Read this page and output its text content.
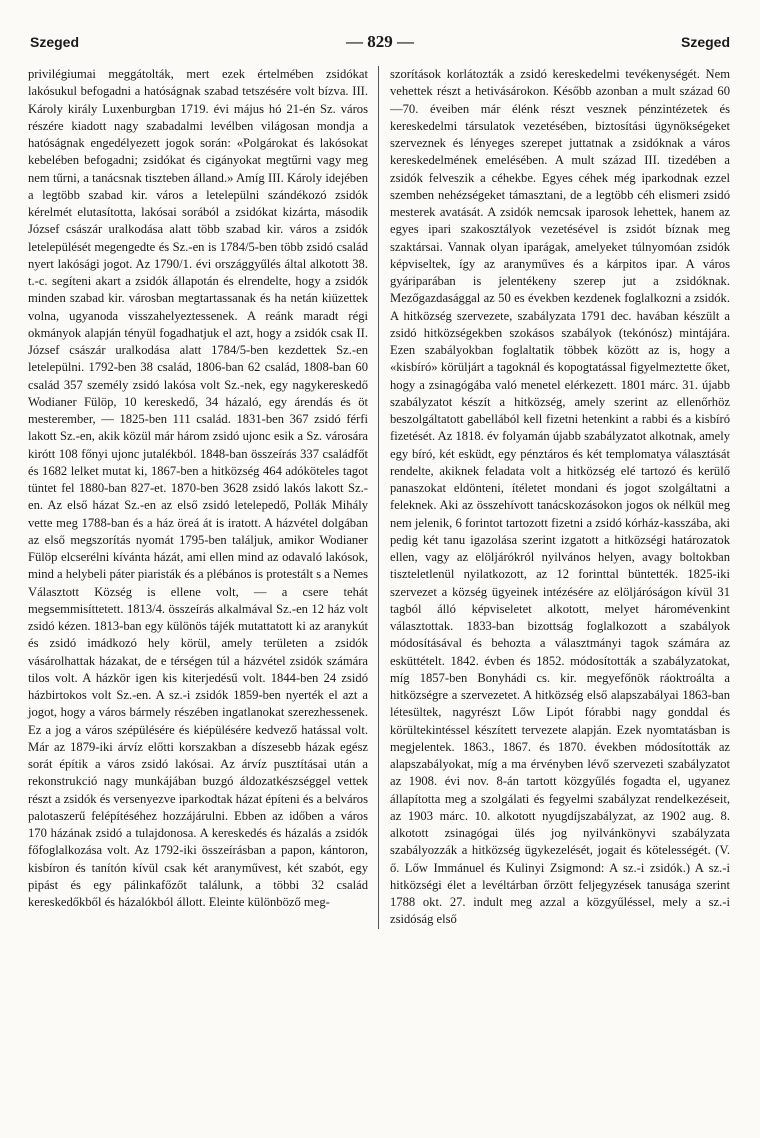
Szeged	— 829 —	Szeged

privilégiumai meggátolták, mert ezek értelmében zsidókat lakósukul befogadni a hatóságnak szabad tetszésére volt bízva. III. Károly király Luxenburgban 1719. évi május hó 21-én Sz. város részére kiadott nagy szabadalmi levélben világosan mondja a hatóságnak engedélyezett jogok során: «Polgárokat és lakósokat kebelében befogadni; zsidókat és cigányokat megtűrni vagy meg nem tűrni, a tanácsnak tiszteben álland.» Amíg III. Károly idejében a legtöbb szabad kir. város a letelepülni szándékozó zsidók kérelmét elutasította, lakósai sorából a zsidókat kizárta, második József császár uralkodása alatt több szabad kir. város a zsidók letelepülését megengedte és Sz.-en is 1784/5-ben több zsidó család nyert lakósági jogot. Az 1790/1. évi országgyűlés által alkotott 38. t.-c. segíteni akart a zsidók állapotán és elrendelte, hogy a zsidók minden szabad kir. városban megtartassanak és ha netán kiüzettek volna, ugyanoda visszahelyeztessenek. A reánk maradt régi okmányok alapján tényül fogadhatjuk el azt, hogy a zsidók csak II. József császár uralkodása alatt 1784/5-ben kezdettek Sz.-en letelepülni. 1792-ben 38 család, 1806-ban 62 család, 1808-ban 60 család 357 személy zsidó lakósa volt Sz.-nek, egy nagykereskedő Wodianer Fülöp, 10 kereskedő, 34 házaló, egy árendás és öt mesterember, — 1825-ben 111 család. 1831-ben 367 zsidó férfi lakott Sz.-en, akik közül már három zsidó ujonc esik a Sz. városára kirótt 108 főnyi ujonc jutalékból. 1848-ban összeírás 337 családfőt és 1682 lelket mutat ki, 1867-ben a hitközség 464 adóköteles tagot tüntet fel 1880-ban 827-et. 1870-ben 3628 zsidó lakós lakott Sz.-en. Az első házat Sz.-en az első zsidó letelepedő, Pollák Mihály vette meg 1788-ban és a ház öreá át is iratott. A házvétel dolgában az első megszorítás nyomát 1795-ben találjuk, amikor Wodianer Fülöp elcserélni kívánta házát, ami ellen mind az odavaló lakósok, mind a helybeli páter piaristák és a plébános is protestált s a Nemes Választott Község is ellene volt, — a csere tehát megsemmisíttetett. 1813/4. összeírás alkalmával Sz.-en 12 ház volt zsidó kézen. 1813-ban egy különös tájék mutattatott ki az aranykút és zsidó imádkozó hely körül, amely területen a zsidók vásárolhattak házakat, de e térségen túl a házvétel zsidók számára tilos volt. A házkör igen kis kiterjedésű volt. 1844-ben 24 zsidó házbirtokos volt Sz.-en. A sz.-i zsidók 1859-ben nyerték el azt a jogot, hogy a város bármely részében ingatlanokat szerezhessenek. Ez a jog a város szépülésére és kiépülésére kedvező hatással volt. Már az 1879-iki árvíz előtti korszakban a díszesebb házak egész sorát építik a város zsidó lakósai. Az árvíz pusztításai után a rekonstrukció nagy munkájában buzgó áldozatkészséggel vettek részt a zsidók és versenyezve iparkodtak házat építeni és a belváros palotaszerű felépítéséhez hozzájárulni. Ebben az időben a város 170 házának zsidó a tulajdonosa. A kereskedés és házalás a zsidók főfoglalkozása volt. Az 1792-iki összeírásban a papon, kántoron, kisbíron és tanítón kívül csak két aranyművest, két szabót, egy pipást és egy pálinkafőzőt találunk, a többi 32 család kereskedőkből és házalókból állott. Eleinte különböző meg-

szorítások korlátozták a zsidó kereskedelmi tevékenységét. Nem vehettek részt a hetivásárokon. Később azonban a mult század 60—70. éveiben már élénk részt vesznek pénzintézetek és kereskedelmi társulatok vezetésében, biztosítási ügynökségeket szerveznek és lényeges szerepet juttatnak a zsidóknak a város kereskedelmének emelésében. A mult század III. tizedében a zsidók felveszik a céhekbe. Egyes céhek még iparkodnak ezzel szemben nehézségeket támasztani, de a legtöbb céh elismeri zsidó mesterek avatását. A zsidók nemcsak iparosok lehettek, hanem az egyes ipari szakosztályok vezetésével is zsidót bíznak meg szaktársai. Vannak olyan iparágak, amelyeket túlnyomóan zsidók képviseltek, így az aranyműves és a kárpitos ipar. A város gyáriparában is jelentékeny szerep jut a zsidóknak. Mezőgazdasággal az 50 es években kezdenek foglalkozni a zsidók. A hitközség szervezete, szabályzata 1791 dec. havában készült a zsidó hitközségekben szokásos szabályok (tekónósz) mintájára. Ezen szabályokban foglaltatik többek között az is, hogy a «kisbíró» körüljárt a tagoknál és kopogtatással figyelmeztette őket, hogy a zsinagógába való menetel elérkezett. 1801 márc. 31. újabb szabályzatot készít a hitközség, amely szerint az ellenőrhöz beszolgáltatott gabellából kell fizetni hetenkint a rabbi és a kisbíró fizetését. Az 1818. év folyamán újabb szabályzatot alkotnak, amely egy bíró, két esküdt, egy pénztáros és két templomatya választását rendelte, akiknek feladata volt a hitközség elé tartozó és kerülő panaszokat eldönteni, ítéletet mondani és jogot szolgáltatni a feleknek. Aki az összehívott tanácskozásokon jogos ok nélkül meg nem jelenik, 6 forintot tartozott fizetni a zsidó kórház-kasszába, aki pedig két tanu igazolása szerint izgatott a hitközségi határozatok ellen, vagy az elöljárókról nyilvános helyen, avagy boltokban tiszteletlenül nyilatkozott, az 12 forinttal büntették. 1825-iki szervezet a község ügyeinek intézésére az elöljáróságon kívül 31 tagból álló képviseletet alkotott, melyet háromévenkint választottak. 1833-ban bizottság foglalkozott a szabályok módosításával és behozta a választmányi tagok számára az esküttételt. 1842. évben és 1852. módosították a szabályzatokat, míg 1857-ben Bonyhádi cs. kir. megyefőnök ráoktroálta a hitközségre a szervezetet. A hitközség első alapszabályai 1863-ban létesültek, nagyrészt Lőw Lipót fórabbi nagy gonddal és körültekintéssel készített tervezete alapján. Ezek nyomtatásban is megjelentek. 1863., 1867. és 1870. években módosították az alapszabályokat, míg a ma érvényben lévő szervezeti szabályzatot az 1908. évi nov. 8-án tartott közgyűlés fogadta el, ugyanez állapította meg a szolgálati és fegyelmi szabályzat rendelkezéseit, az 1903 márc. 10. alkotott nyugdíjszabályzat, az 1902 aug. 8. alkotott zsinagógai ülés jog nyilvánkönyvi szabályzata szabályozzák a hitközség ügykezelését, jogait és kötelességét. (V. ő. Lőw Immánuel és Kulinyi Zsigmond: A sz.-i zsidók.) A sz.-i hitközségi élet a levéltárban őrzött feljegyzések tanusága szerint 1788 okt. 27. indult meg azzal a közgyűléssel, mely a sz.-i zsidóság első
